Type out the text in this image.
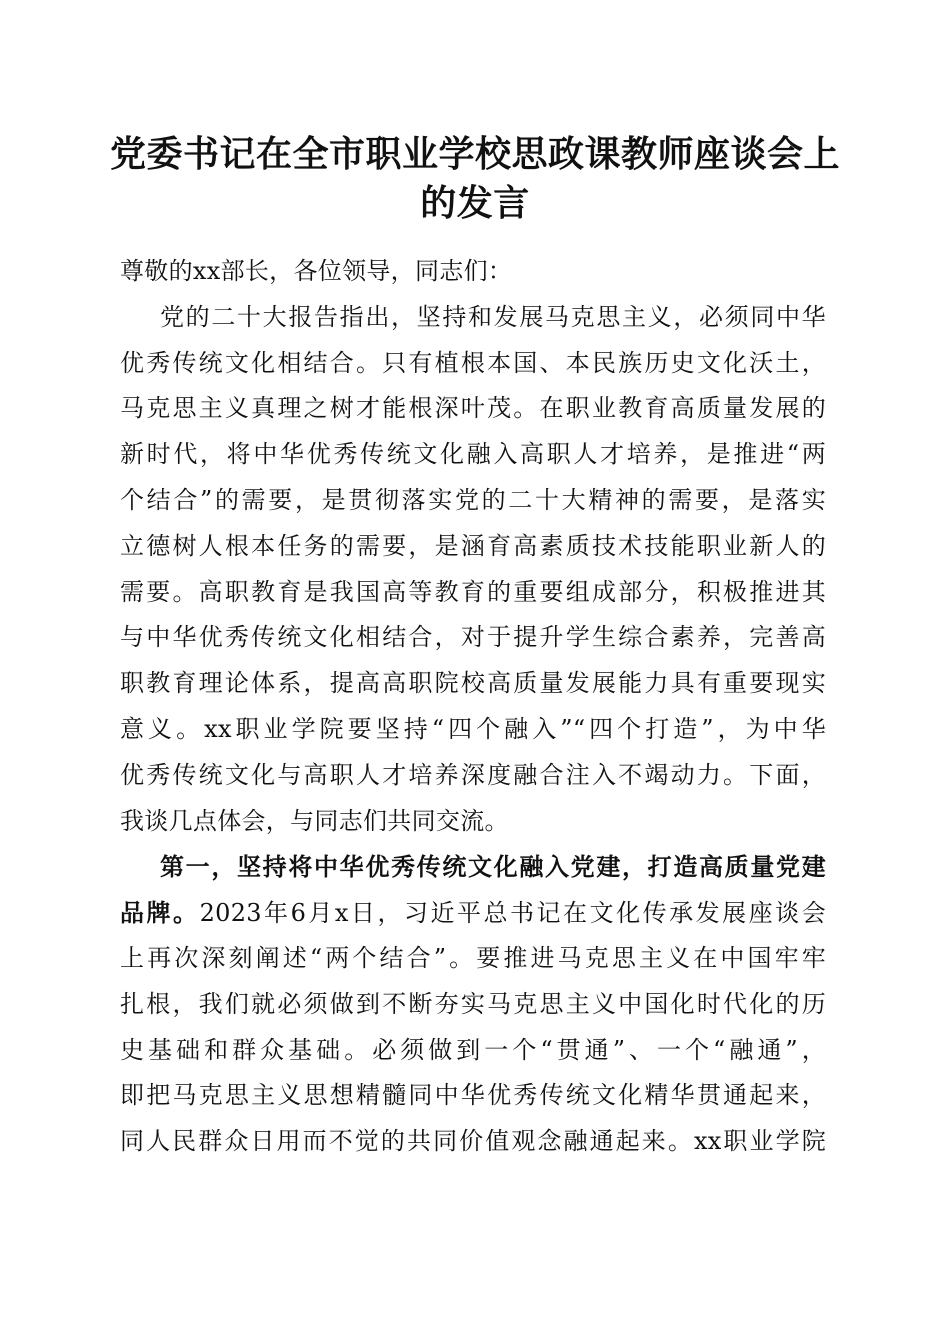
党委书记在全市职业学校思政课教师座谈会上
的发言
尊敬的xx部长，各位领导，同志们：
党的二十大报告指出，坚持和发展马克思主义，必须同中华
优秀传统文化相结合。只有植根本国、本民族历史文化沃土，
马克思主义真理之树才能根深叶茂。在职业教育高质量发展的
新时代，将中华优秀传统文化融入高职人才培养，是推进“两
个结合”的需要，是贯彻落实党的二十大精神的需要，是落实
立德树人根本任务的需要，是涵育高素质技术技能职业新人的
需要。高职教育是我国高等教育的重要组成部分，积极推进其
与中华优秀传统文化相结合，对于提升学生综合素养，完善高
职教育理论体系，提高高职院校高质量发展能力具有重要现实
意义。xx职业学院要坚持“四个融入”“四个打造”，为中华
优秀传统文化与高职人才培养深度融合注入不竭动力。下面，
我谈几点体会，与同志们共同交流。
第一，坚持将中华优秀传统文化融入党建，打造高质量党建
品牌。2023年6月x日，习近平总书记在文化传承发展座谈会
上再次深刻阐述“两个结合”。要推进马克思主义在中国牢牢
扎根，我们就必须做到不断夯实马克思主义中国化时代化的历
史基础和群众基础。必须做到一个“贯通”、一个“融通”，
即把马克思主义思想精髓同中华优秀传统文化精华贯通起来，
同人民群众日用而不觉的共同价值观念融通起来。xx职业学院
